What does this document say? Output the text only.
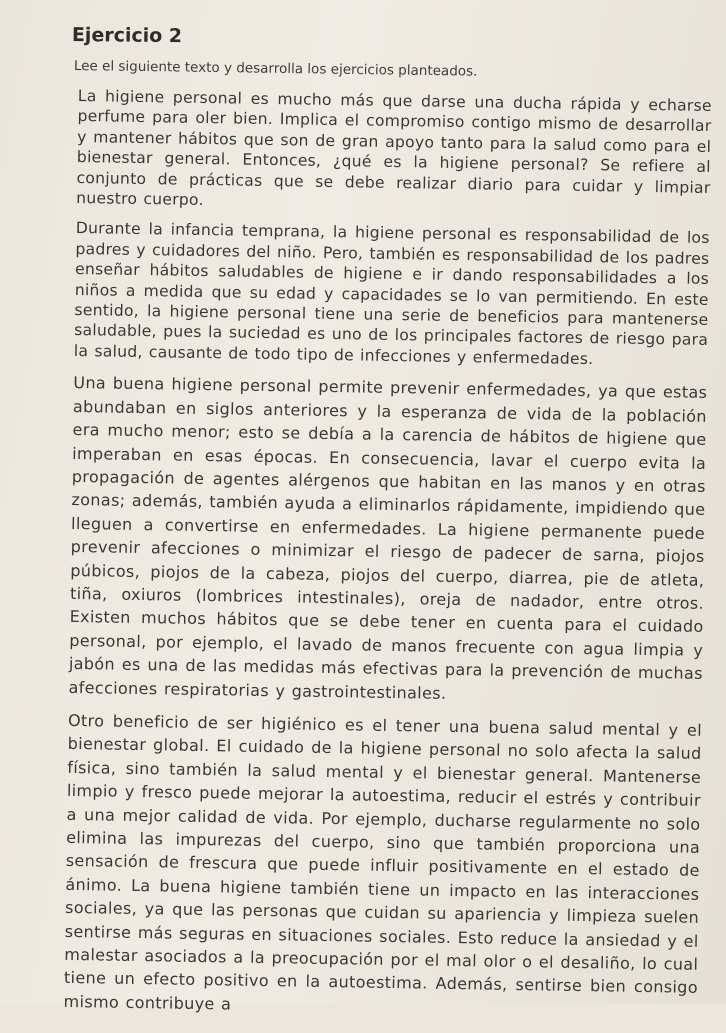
Ejercicio 2

Lee el siguiente texto y desarrolla los ejercicios planteados.

La higiene personal es mucho más que darse una ducha rápida y echarse perfume para oler bien. Implica el compromiso contigo mismo de desarrollar y mantener hábitos que son de gran apoyo tanto para la salud como para el bienestar general. Entonces, ¿qué es la higiene personal? Se refiere al conjunto de prácticas que se debe realizar diario para cuidar y limpiar nuestro cuerpo.

Durante la infancia temprana, la higiene personal es responsabilidad de los padres y cuidadores del niño. Pero, también es responsabilidad de los padres enseñar hábitos saludables de higiene e ir dando responsabilidades a los niños a medida que su edad y capacidades se lo van permitiendo. En este sentido, la higiene personal tiene una serie de beneficios para mantenerse saludable, pues la suciedad es uno de los principales factores de riesgo para la salud, causante de todo tipo de infecciones y enfermedades.

Una buena higiene personal permite prevenir enfermedades, ya que estas abundaban en siglos anteriores y la esperanza de vida de la población era mucho menor; esto se debía a la carencia de hábitos de higiene que imperaban en esas épocas. En consecuencia, lavar el cuerpo evita la propagación de agentes alérgenos que habitan en las manos y en otras zonas; además, también ayuda a eliminarlos rápidamente, impidiendo que lleguen a convertirse en enfermedades. La higiene permanente puede prevenir afecciones o minimizar el riesgo de padecer de sarna, piojos púbicos, piojos de la cabeza, piojos del cuerpo, diarrea, pie de atleta, tiña, oxiuros (lombrices intestinales), oreja de nadador, entre otros. Existen muchos hábitos que se debe tener en cuenta para el cuidado personal, por ejemplo, el lavado de manos frecuente con agua limpia y jabón es una de las medidas más efectivas para la prevención de muchas afecciones respiratorias y gastrointestinales.

Otro beneficio de ser higiénico es el tener una buena salud mental y el bienestar global. El cuidado de la higiene personal no solo afecta la salud física, sino también la salud mental y el bienestar general. Mantenerse limpio y fresco puede mejorar la autoestima, reducir el estrés y contribuir a una mejor calidad de vida. Por ejemplo, ducharse regularmente no solo elimina las impurezas del cuerpo, sino que también proporciona una sensación de frescura que puede influir positivamente en el estado de ánimo. La buena higiene también tiene un impacto en las interacciones sociales, ya que las personas que cuidan su apariencia y limpieza suelen sentirse más seguras en situaciones sociales. Esto reduce la ansiedad y el malestar asociados a la preocupación por el mal olor o el desaliño, lo cual tiene un efecto positivo en la autoestima. Además, sentirse bien consigo mismo contribuye a
